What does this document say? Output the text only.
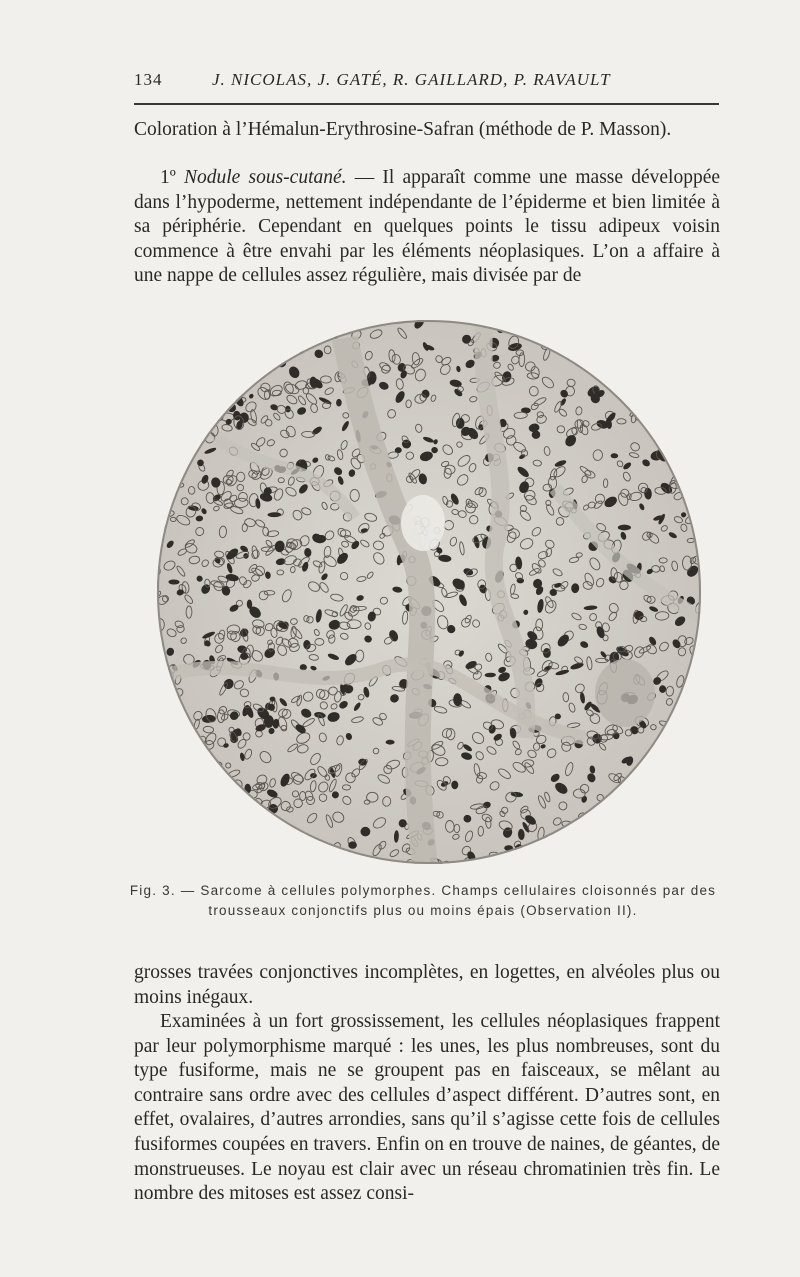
134	J. NICOLAS, J. GATÉ, R. GAILLARD, P. RAVAULT

Coloration à l’Hémalun-Erythrosine-Safran (méthode de P. Masson).

1º Nodule sous-cutané. — Il apparaît comme une masse développée dans l’hypoderme, nettement indépendante de l’épiderme et bien limitée à sa périphérie. Cependant en quelques points le tissu adipeux voisin commence à être envahi par les éléments néoplasiques. L’on a affaire à une nappe de cellules assez régulière, mais divisée par de

Fig. 3. — Sarcome à cellules polymorphes. Champs cellulaires cloisonnés par des trousseaux conjonctifs plus ou moins épais (Observation II).

grosses travées conjonctives incomplètes, en logettes, en alvéoles plus ou moins inégaux.

Examinées à un fort grossissement, les cellules néoplasiques frappent par leur polymorphisme marqué : les unes, les plus nombreuses, sont du type fusiforme, mais ne se groupent pas en faisceaux, se mêlant au contraire sans ordre avec des cellules d’aspect différent. D’autres sont, en effet, ovalaires, d’autres arrondies, sans qu’il s’agisse cette fois de cellules fusiformes coupées en travers. Enfin on en trouve de naines, de géantes, de monstrueuses. Le noyau est clair avec un réseau chromatinien très fin. Le nombre des mitoses est assez consi-
